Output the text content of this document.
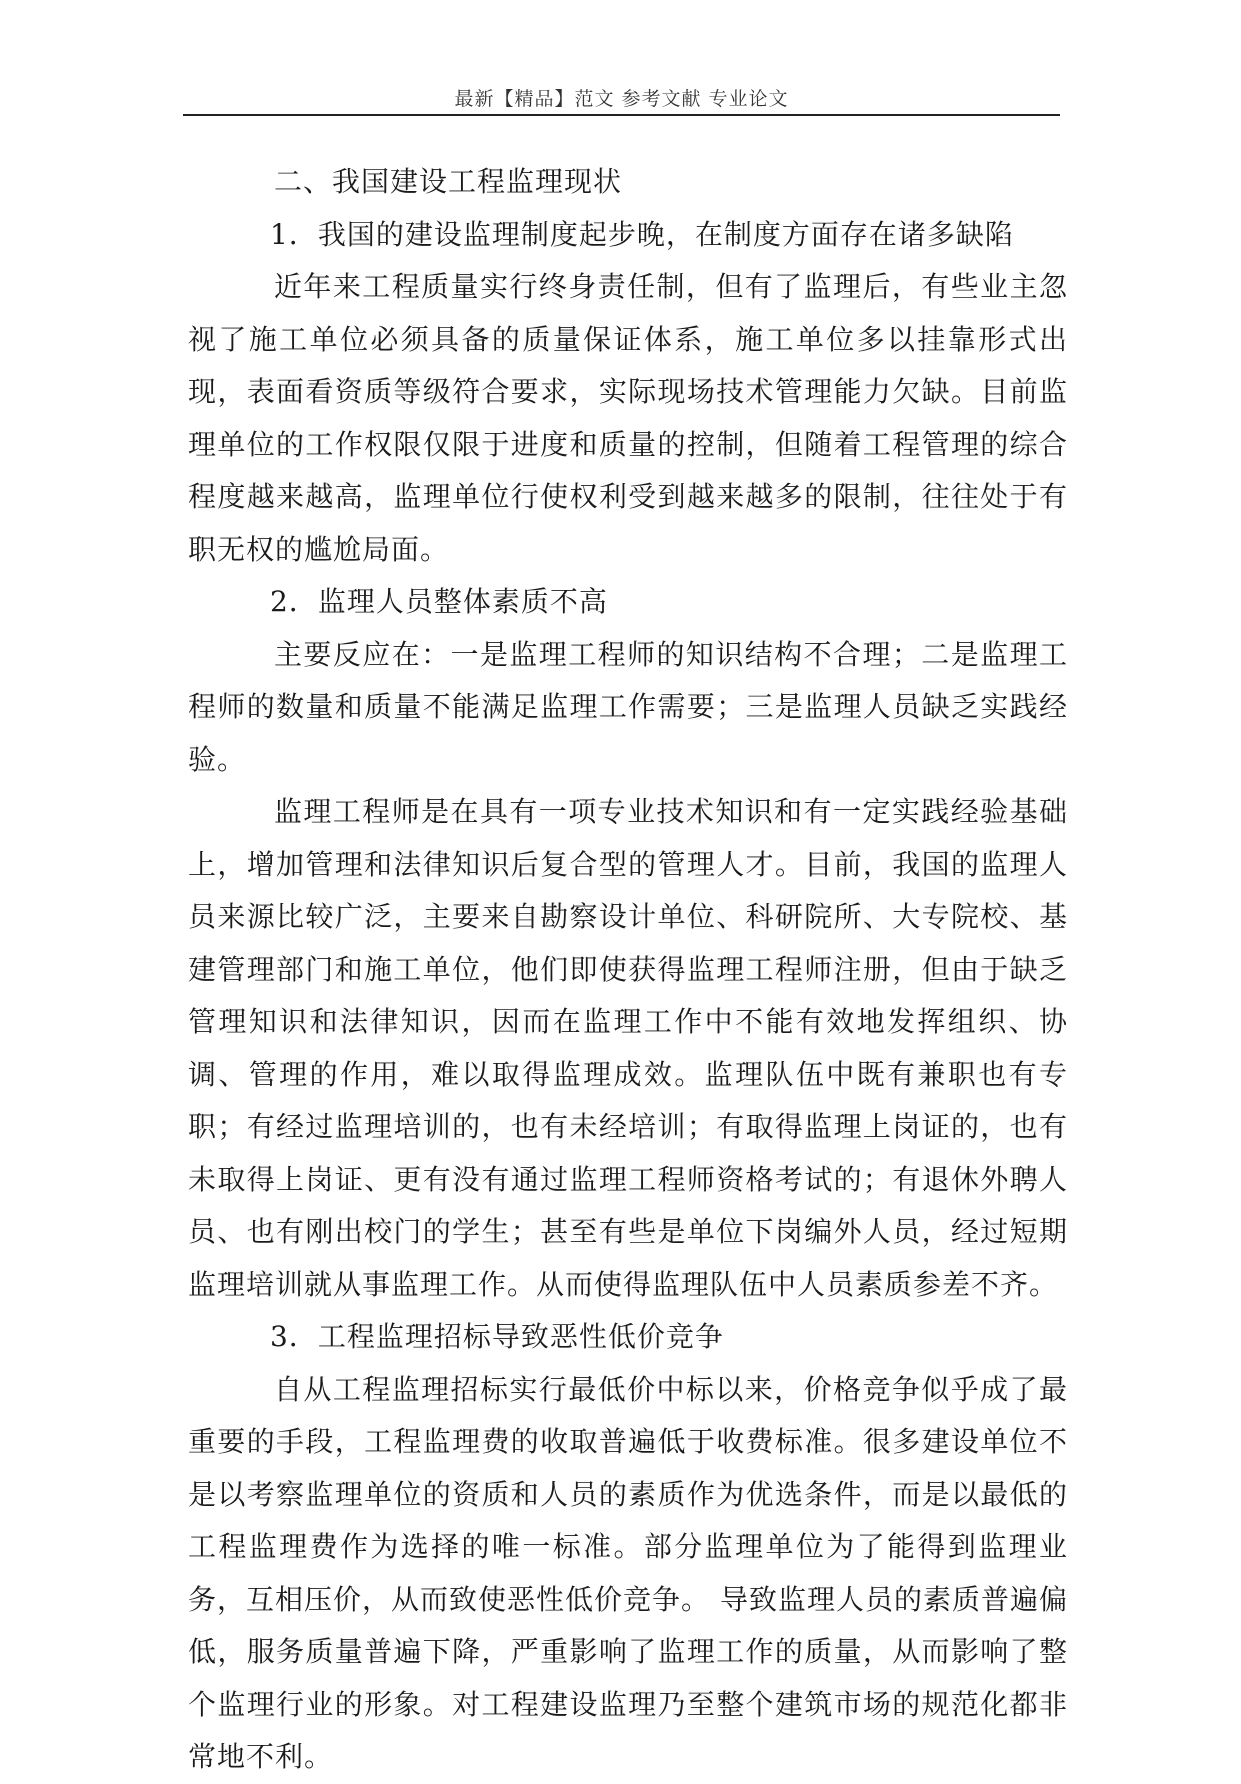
最新【精品】范文 参考文献 专业论文

二、我国建设工程监理现状

1．我国的建设监理制度起步晚，在制度方面存在诸多缺陷

近年来工程质量实行终身责任制，但有了监理后，有些业主忽视了施工单位必须具备的质量保证体系，施工单位多以挂靠形式出现，表面看资质等级符合要求，实际现场技术管理能力欠缺。目前监理单位的工作权限仅限于进度和质量的控制，但随着工程管理的综合程度越来越高，监理单位行使权利受到越来越多的限制，往往处于有职无权的尴尬局面。

2．监理人员整体素质不高

主要反应在：一是监理工程师的知识结构不合理；二是监理工程师的数量和质量不能满足监理工作需要；三是监理人员缺乏实践经验。

监理工程师是在具有一项专业技术知识和有一定实践经验基础上，增加管理和法律知识后复合型的管理人才。目前，我国的监理人员来源比较广泛，主要来自勘察设计单位、科研院所、大专院校、基建管理部门和施工单位，他们即使获得监理工程师注册，但由于缺乏管理知识和法律知识，因而在监理工作中不能有效地发挥组织、协调、管理的作用，难以取得监理成效。监理队伍中既有兼职也有专职；有经过监理培训的，也有未经培训；有取得监理上岗证的，也有未取得上岗证、更有没有通过监理工程师资格考试的；有退休外聘人员、也有刚出校门的学生；甚至有些是单位下岗编外人员，经过短期监理培训就从事监理工作。从而使得监理队伍中人员素质参差不齐。

3．工程监理招标导致恶性低价竞争

自从工程监理招标实行最低价中标以来，价格竞争似乎成了最重要的手段，工程监理费的收取普遍低于收费标准。很多建设单位不是以考察监理单位的资质和人员的素质作为优选条件，而是以最低的工程监理费作为选择的唯一标准。部分监理单位为了能得到监理业务，互相压价，从而致使恶性低价竞争。 导致监理人员的素质普遍偏低，服务质量普遍下降，严重影响了监理工作的质量，从而影响了整个监理行业的形象。对工程建设监理乃至整个建筑市场的规范化都非常地不利。
